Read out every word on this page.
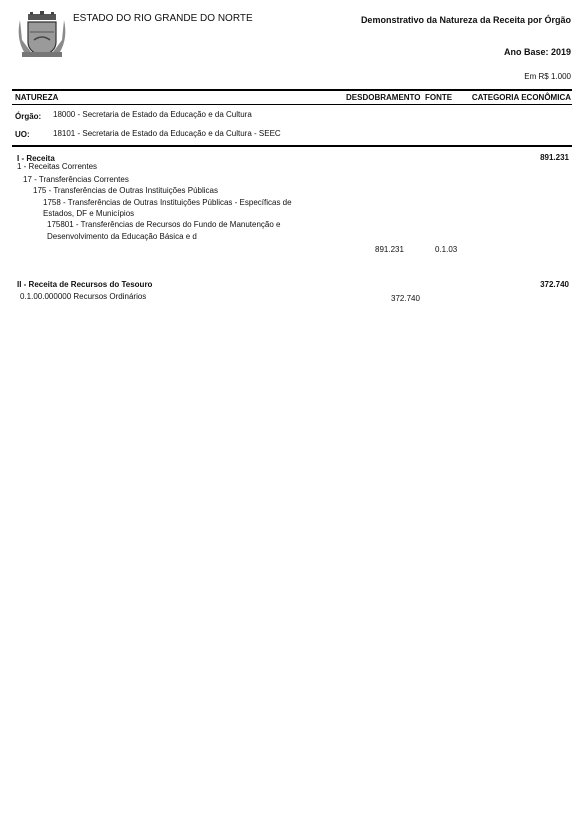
ESTADO DO RIO GRANDE DO NORTE	Demonstrativo da Natureza da Receita por Órgão
Ano Base: 2019
Em R$ 1.000
NATUREZA	DESDOBRAMENTO FONTE CATEGORIA ECONÔMICA
Órgão: 18000 - Secretaria de Estado da Educação e da Cultura
UO:	18101 - Secretaria de Estado da Educação e da Cultura - SEEC
I - Receita	891.231
1 - Receitas Correntes
17 - Transferências Correntes
175 - Transferências de Outras Instituições Públicas
1758 - Transferências de Outras Instituições Públicas - Específicas de
Estados, DF e Municípios
175801 - Transferências de Recursos do Fundo de Manutenção e
Desenvolvimento da Educação Básica e d
891.231	0.1.03
II - Receita de Recursos do Tesouro	372.740
0.1.00.000000 Recursos Ordinários	372.740
